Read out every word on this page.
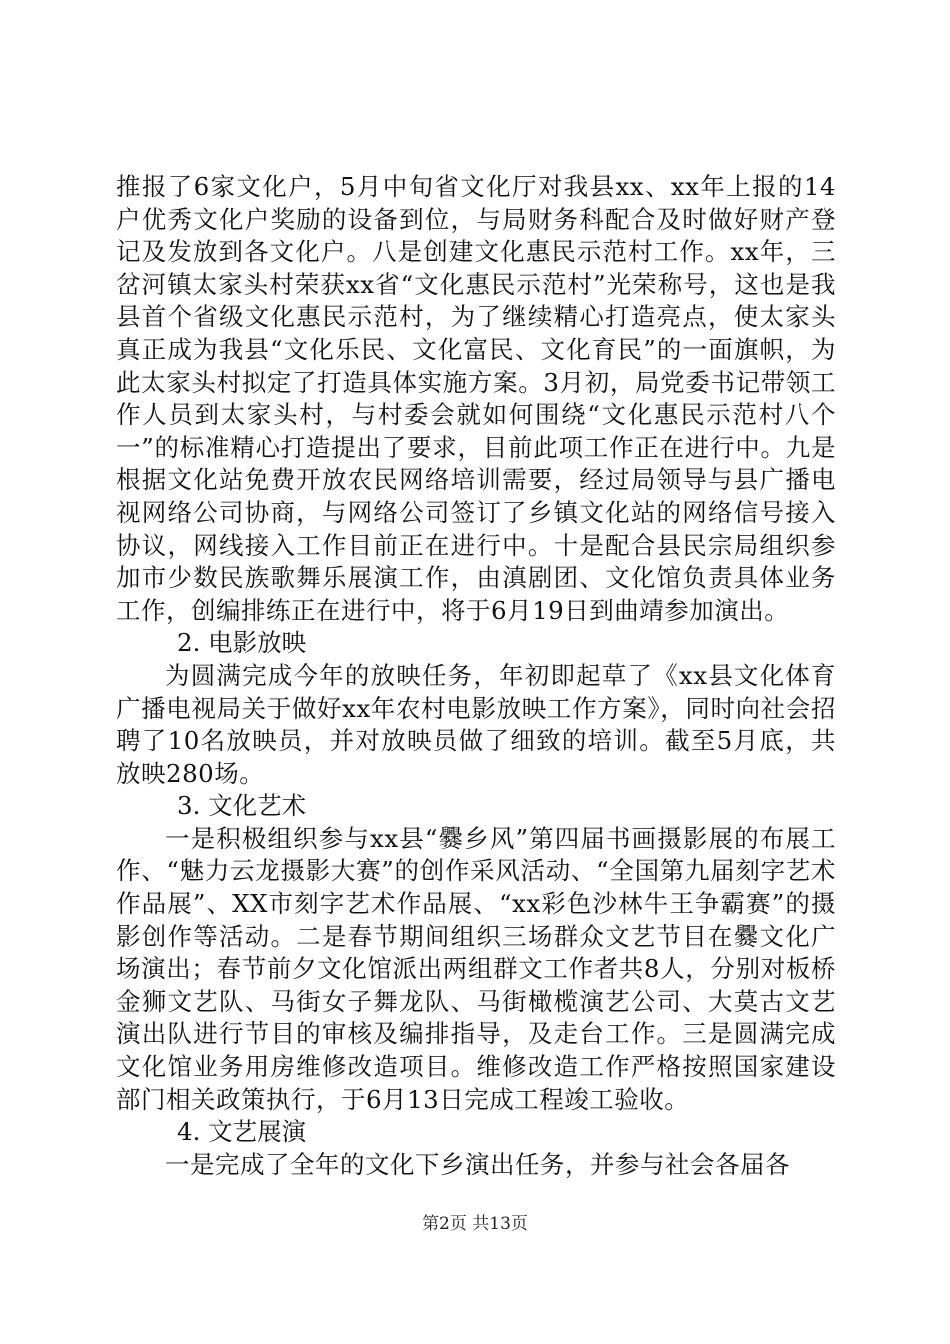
推报了6家文化户，5月中旬省文化厅对我县xx、xx年上报的14户优秀文化户奖励的设备到位，与局财务科配合及时做好财产登记及发放到各文化户。八是创建文化惠民示范村工作。xx年，三岔河镇太家头村荣获xx省“文化惠民示范村”光荣称号，这也是我县首个省级文化惠民示范村，为了继续精心打造亮点，使太家头真正成为我县“文化乐民、文化富民、文化育民”的一面旗帜，为此太家头村拟定了打造具体实施方案。3月初，局党委书记带领工作人员到太家头村，与村委会就如何围绕“文化惠民示范村八个一”的标准精心打造提出了要求，目前此项工作正在进行中。九是根据文化站免费开放农民网络培训需要，经过局领导与县广播电视网络公司协商，与网络公司签订了乡镇文化站的网络信号接入协议，网线接入工作目前正在进行中。十是配合县民宗局组织参加市少数民族歌舞乐展演工作，由滇剧团、文化馆负责具体业务工作，创编排练正在进行中，将于6月19日到曲靖参加演出。

2. 电影放映

为圆满完成今年的放映任务，年初即起草了《xx县文化体育广播电视局关于做好xx年农村电影放映工作方案》，同时向社会招聘了10名放映员，并对放映员做了细致的培训。截至5月底，共放映280场。

3. 文化艺术

一是积极组织参与xx县“爨乡风”第四届书画摄影展的布展工作、“魅力云龙摄影大赛”的创作采风活动、“全国第九届刻字艺术作品展”、XX市刻字艺术作品展、“xx彩色沙林牛王争霸赛”的摄影创作等活动。二是春节期间组织三场群众文艺节目在爨文化广场演出；春节前夕文化馆派出两组群文工作者共8人，分别对板桥金狮文艺队、马街女子舞龙队、马街橄榄演艺公司、大莫古文艺演出队进行节目的审核及编排指导，及走台工作。三是圆满完成文化馆业务用房维修改造项目。维修改造工作严格按照国家建设部门相关政策执行，于6月13日完成工程竣工验收。

4. 文艺展演

一是完成了全年的文化下乡演出任务，并参与社会各届各

第2页 共13页
